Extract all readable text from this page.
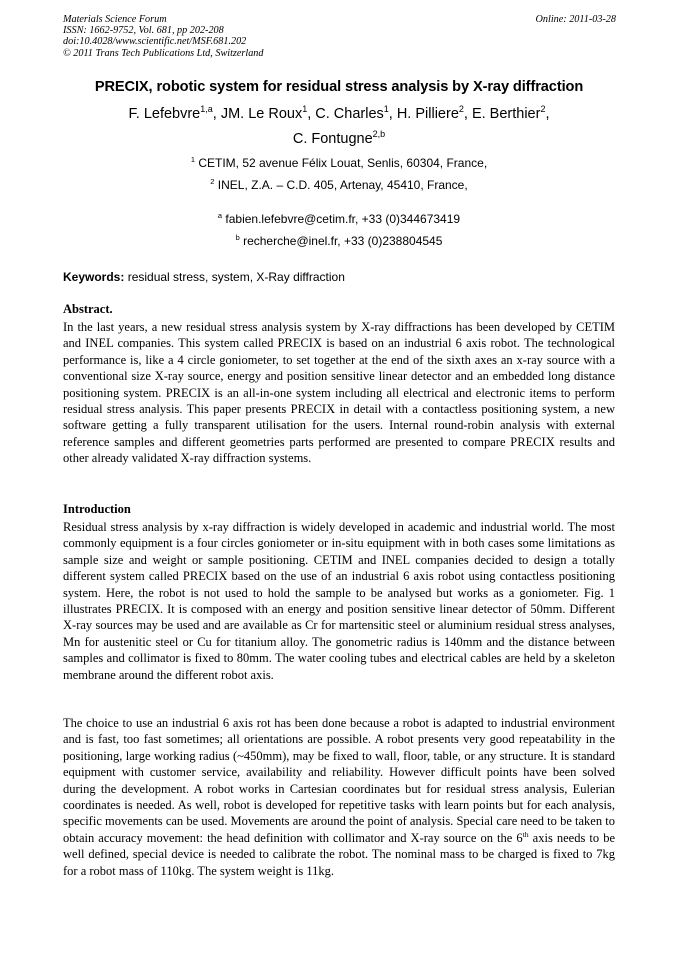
Materials Science Forum
ISSN: 1662-9752, Vol. 681, pp 202-208
doi:10.4028/www.scientific.net/MSF.681.202
© 2011 Trans Tech Publications Ltd, Switzerland
Online: 2011-03-28
PRECIX, robotic system for residual stress analysis by X-ray diffraction
F. Lefebvre$^{1,a}$, JM. Le Roux$^1$, C. Charles$^1$, H. Pilliere$^2$, E. Berthier$^2$,
C. Fontugne$^{2,b}$
$^1$ CETIM, 52 avenue Félix Louat, Senlis, 60304, France,
$^2$ INEL, Z.A. – C.D. 405, Artenay, 45410, France,
$^a$ fabien.lefebvre@cetim.fr, +33 (0)344673419
$^b$ recherche@inel.fr, +33 (0)238804545
Keywords: residual stress, system, X-Ray diffraction
Abstract.
In the last years, a new residual stress analysis system by X-ray diffractions has been developed by CETIM and INEL companies. This system called PRECIX is based on an industrial 6 axis robot. The technological performance is, like a 4 circle goniometer, to set together at the end of the sixth axes an x-ray source with a conventional size X-ray source, energy and position sensitive linear detector and an embedded long distance positioning system. PRECIX is an all-in-one system including all electrical and electronic items to perform residual stress analysis. This paper presents PRECIX in detail with a contactless positioning system, a new software getting a fully transparent utilisation for the users. Internal round-robin analysis with external reference samples and different geometries parts performed are presented to compare PRECIX results and other already validated X-ray diffraction systems.
Introduction
Residual stress analysis by x-ray diffraction is widely developed in academic and industrial world. The most commonly equipment is a four circles goniometer or in-situ equipment with in both cases some limitations as sample size and weight or sample positioning. CETIM and INEL companies decided to design a totally different system called PRECIX based on the use of an industrial 6 axis robot using contactless positioning system. Here, the robot is not used to hold the sample to be analysed but works as a goniometer. Fig. 1 illustrates PRECIX. It is composed with an energy and position sensitive linear detector of 50mm. Different X-ray sources may be used and are available as Cr for martensitic steel or aluminium residual stress analyses, Mn for austenitic steel or Cu for titanium alloy. The gonometric radius is 140mm and the distance between samples and collimator is fixed to 80mm. The water cooling tubes and electrical cables are held by a skeleton membrane around the different robot axis.
The choice to use an industrial 6 axis rot has been done because a robot is adapted to industrial environment and is fast, too fast sometimes; all orientations are possible. A robot presents very good repeatability in the positioning, large working radius (~450mm), may be fixed to wall, floor, table, or any structure. It is standard equipment with customer service, availability and reliability. However difficult points have been solved during the development. A robot works in Cartesian coordinates but for residual stress analysis, Eulerian coordinates is needed. As well, robot is developed for repetitive tasks with learn points but for each analysis, specific movements can be used. Movements are around the point of analysis. Special care need to be taken to obtain accuracy movement: the head definition with collimator and X-ray source on the 6th axis needs to be well defined, special device is needed to calibrate the robot. The nominal mass to be charged is fixed to 7kg for a robot mass of 110kg. The system weight is 11kg.
